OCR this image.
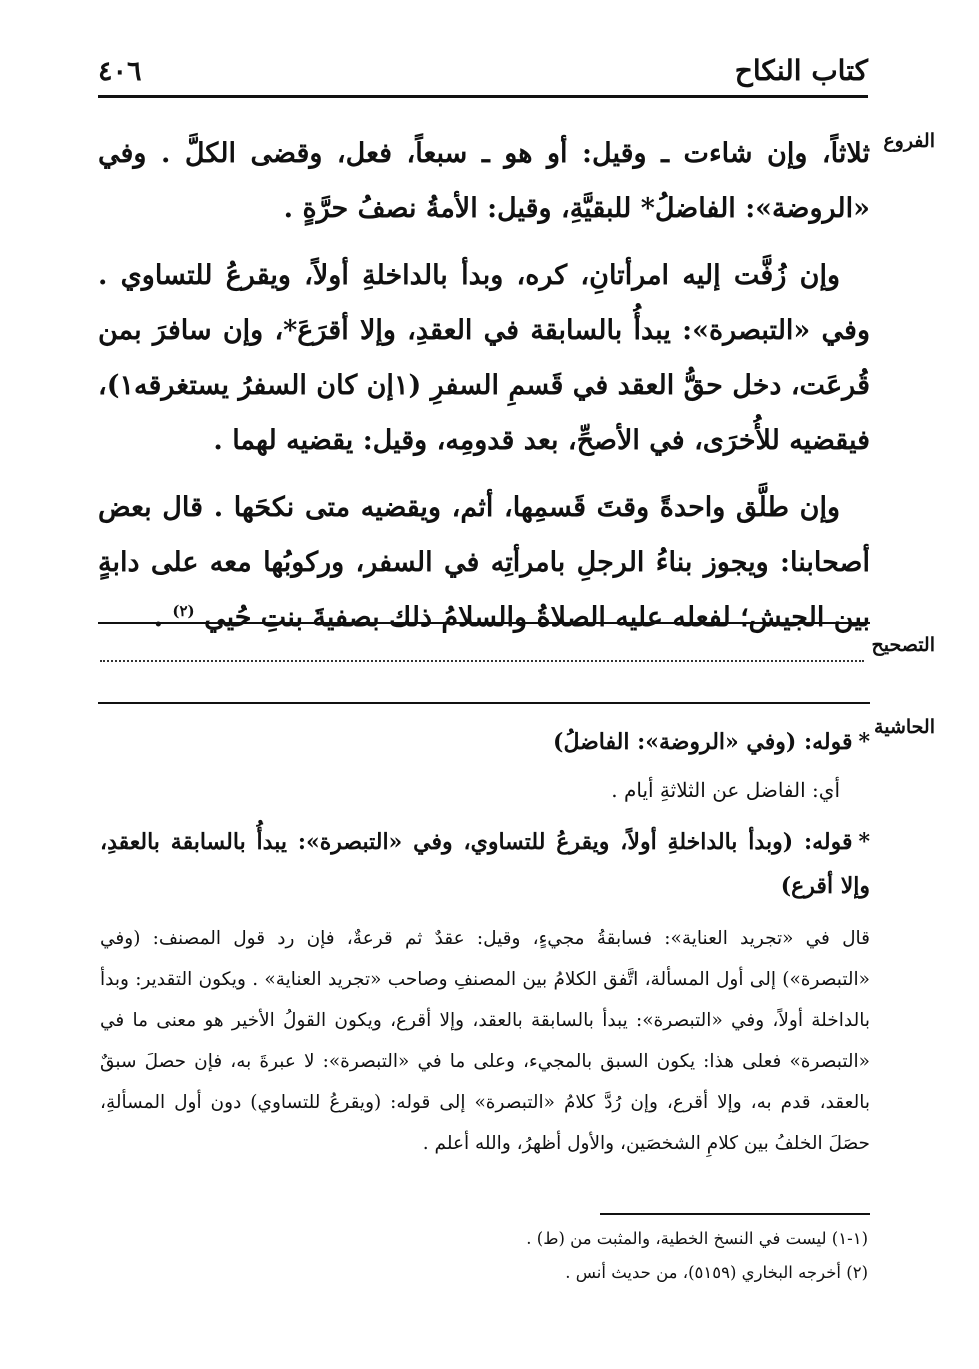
٤٠٦	كتاب النكاح
الفروع

ثلاثاً، وإن شاءت ـ وقيل: أو هو ـ سبعاً، فعل، وقضى الكلَّ . وفي «الروضة»: الفاضلُ* للبقيَّةِ، وقيل: الأمةُ نصفُ حرَّةٍ .

وإن زُفَّت إليه امرأتانِ، كره، وبدأ بالداخلةِ أولاً، ويقرعُ للتساوي . وفي «التبصرة»: يبدأُ بالسابقة في العقدِ، وإلا أقرَعَ*، وإن سافرَ بمن قُرعَت، دخل حقُّ العقد في قَسمِ السفرِ (١إن كان السفرُ يستغرقه١)، فيقضيه للأُخرَى، في الأصحِّ، بعد قدومِه، وقيل: يقضيه لهما .

وإن طلَّق واحدةً وقتَ قَسمِها، أثم، ويقضيه متى نكحَها . قال بعض أصحابنا: ويجوز بناءُ الرجلِ بامرأتِه في السفر، وركوبُها معه على دابةٍ بين الجيش؛ لفعله عليه الصلاةُ والسلامُ ذلك بصفيةَ بنتِ حُيي $^{(٢)}$ .

التصحيح
الحاشية

*قوله: (وفي «الروضة»: الفاضلُ)

أي: الفاضل عن الثلاثةِ أيام .

*قوله: (وبدأ بالداخلةِ أولاً، ويقرعُ للتساوي، وفي «التبصرة»: يبدأُ بالسابقة بالعقدِ، وإلا أقرع)

قال في «تجريد العناية»: فسابقةُ مجيءٍ، وقيل: عقدٌ ثم قرعةٌ، فإن رد قول المصنف: (وفي «التبصرة») إلى أول المسألة، اتَّفق الكلامُ بين المصنفِ وصاحب «تجريد العناية» . ويكون التقدير: وبدأ بالداخلة أولاً، وفي «التبصرة»: يبدأ بالسابقة بالعقد، وإلا أقرع، ويكون القولُ الأخير هو معنى ما في «التبصرة» فعلى هذا: يكون السبق بالمجيء، وعلى ما في «التبصرة»: لا عبرةَ به، فإن حصلَ سبقٌ بالعقد، قدم به، وإلا أقرع، وإن رُدَّ كلامُ «التبصرة» إلى قوله: (ويقرعُ للتساوي) دون أول المسألةِ، حصَلَ الخلفُ بين كلامِ الشخصَين، والأول أظهرُ، والله أعلم .

(١-١) ليست في النسخ الخطية، والمثبت من (ط) .
(٢) أخرجه البخاري (٥١٥٩)، من حديث أنس .
